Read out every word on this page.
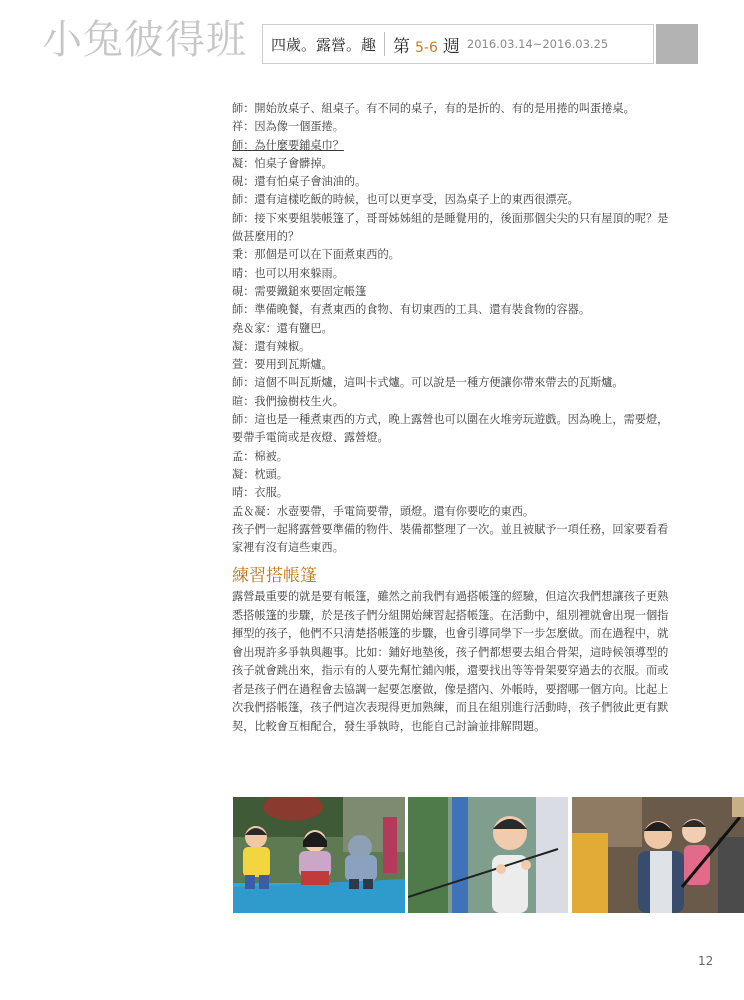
小兔彼得班	四歲。露營。趣	第 5-6 週 2016.03.14~2016.03.25
師：開始放桌子、組桌子。有不同的桌子，有的是折的、有的是用捲的叫蛋捲桌。
祥：因為像一個蛋捲。
師：為什麼要鋪桌巾？
凝：怕桌子會髒掉。
硯：還有怕桌子會油油的。
師：還有這樣吃飯的時候，也可以更享受，因為桌子上的東西很漂亮。
師：接下來要組裝帳篷了，哥哥姊姊組的是睡覺用的，後面那個尖尖的只有屋頂的呢？是做甚麼用的？
秉：那個是可以在下面煮東西的。
晴：也可以用來躲雨。
硯：需要鐵鎚來要固定帳篷
師：準備晚餐，有煮東西的食物、有切東西的工具、還有裝食物的容器。
堯＆家：還有鹽巴。
凝：還有辣椒。
萱：要用到瓦斯爐。
師：這個不叫瓦斯爐，這叫卡式爐。可以說是一種方便讓你帶來帶去的瓦斯爐。
暄：我們撿樹枝生火。
師：這也是一種煮東西的方式，晚上露營也可以圍在火堆旁玩遊戲。因為晚上，需要燈，要帶手電筒或是夜燈、露營燈。
孟：棉被。
凝：枕頭。
晴：衣服。
孟＆凝：水壺要帶，手電筒要帶，頭燈。還有你要吃的東西。
孩子們一起將露營要準備的物件、裝備都整理了一次。並且被賦予一項任務，回家要看看家裡有沒有這些東西。
練習搭帳篷
露營最重要的就是要有帳篷，雖然之前我們有過搭帳篷的經驗，但這次我們想讓孩子更熟悉搭帳篷的步驟，於是孩子們分組開始練習起搭帳篷。在活動中，組別裡就會出現一個指揮型的孩子，他們不只清楚搭帳篷的步驟，也會引導同學下一步怎麼做。而在過程中，就會出現許多爭執與趣事。比如：鋪好地墊後，孩子們都想要去組合骨架，這時候領導型的孩子就會跳出來，指示有的人要先幫忙鋪內帳，還要找出等等骨架要穿過去的衣服。而或者是孩子們在過程會去協調一起要怎麼做，像是摺內、外帳時，要摺哪一個方向。比起上次我們搭帳篷，孩子們這次表現得更加熟練，而且在組別進行活動時，孩子們彼此更有默契，比較會互相配合，發生爭執時，也能自己討論並排解問題。
12
